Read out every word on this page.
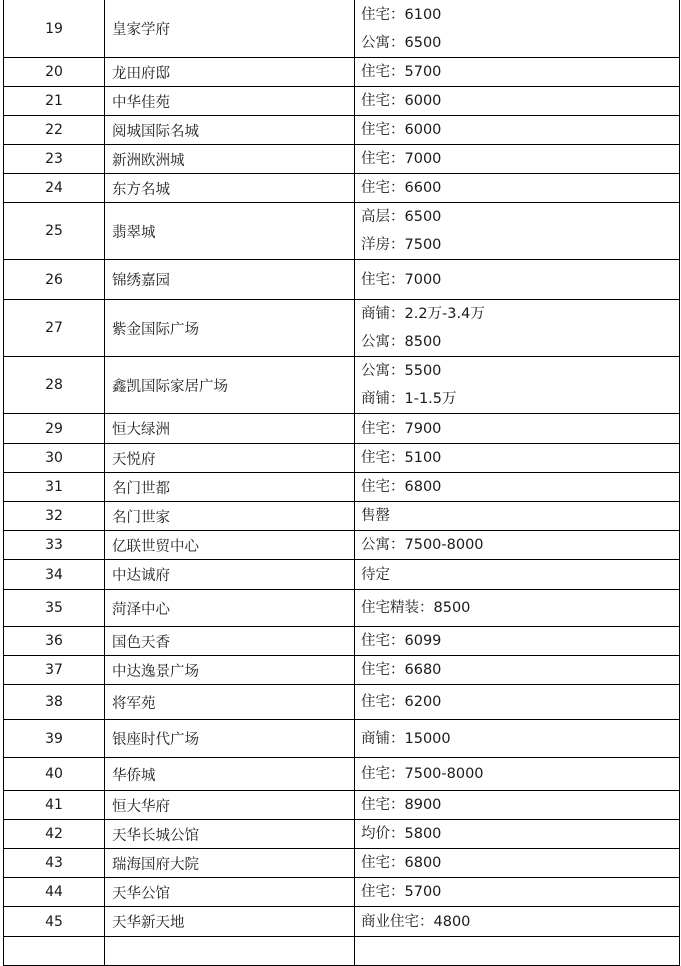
19	皇家学府	住宅：6100
公寓：6500

20	龙田府邸	住宅：5700

21	中华佳苑	住宅：6000

22	阅城国际名城	住宅：6000

23	新洲欧洲城	住宅：7000

24	东方名城	住宅：6600

25	翡翠城	高层：6500
洋房：7500

26	锦绣嘉园	住宅：7000

27	紫金国际广场	商铺：2.2万-3.4万
公寓：8500

28	鑫凯国际家居广场	公寓：5500
商铺：1-1.5万

29	恒大绿洲	住宅：7900

30	天悦府	住宅：5100

31	名门世都	住宅：6800

32	名门世家	售罄

33	亿联世贸中心	公寓：7500-8000

34	中达诚府	待定

35	菏泽中心	住宅精装：8500

36	国色天香	住宅：6099

37	中达逸景广场	住宅：6680

38	将军苑	住宅：6200

39	银座时代广场	商铺：15000

40	华侨城	住宅：7500-8000

41	恒大华府	住宅：8900

42	天华长城公馆	均价：5800

43	瑞海国府大院	住宅：6800

44	天华公馆	住宅：5700

45	天华新天地	商业住宅：4800
